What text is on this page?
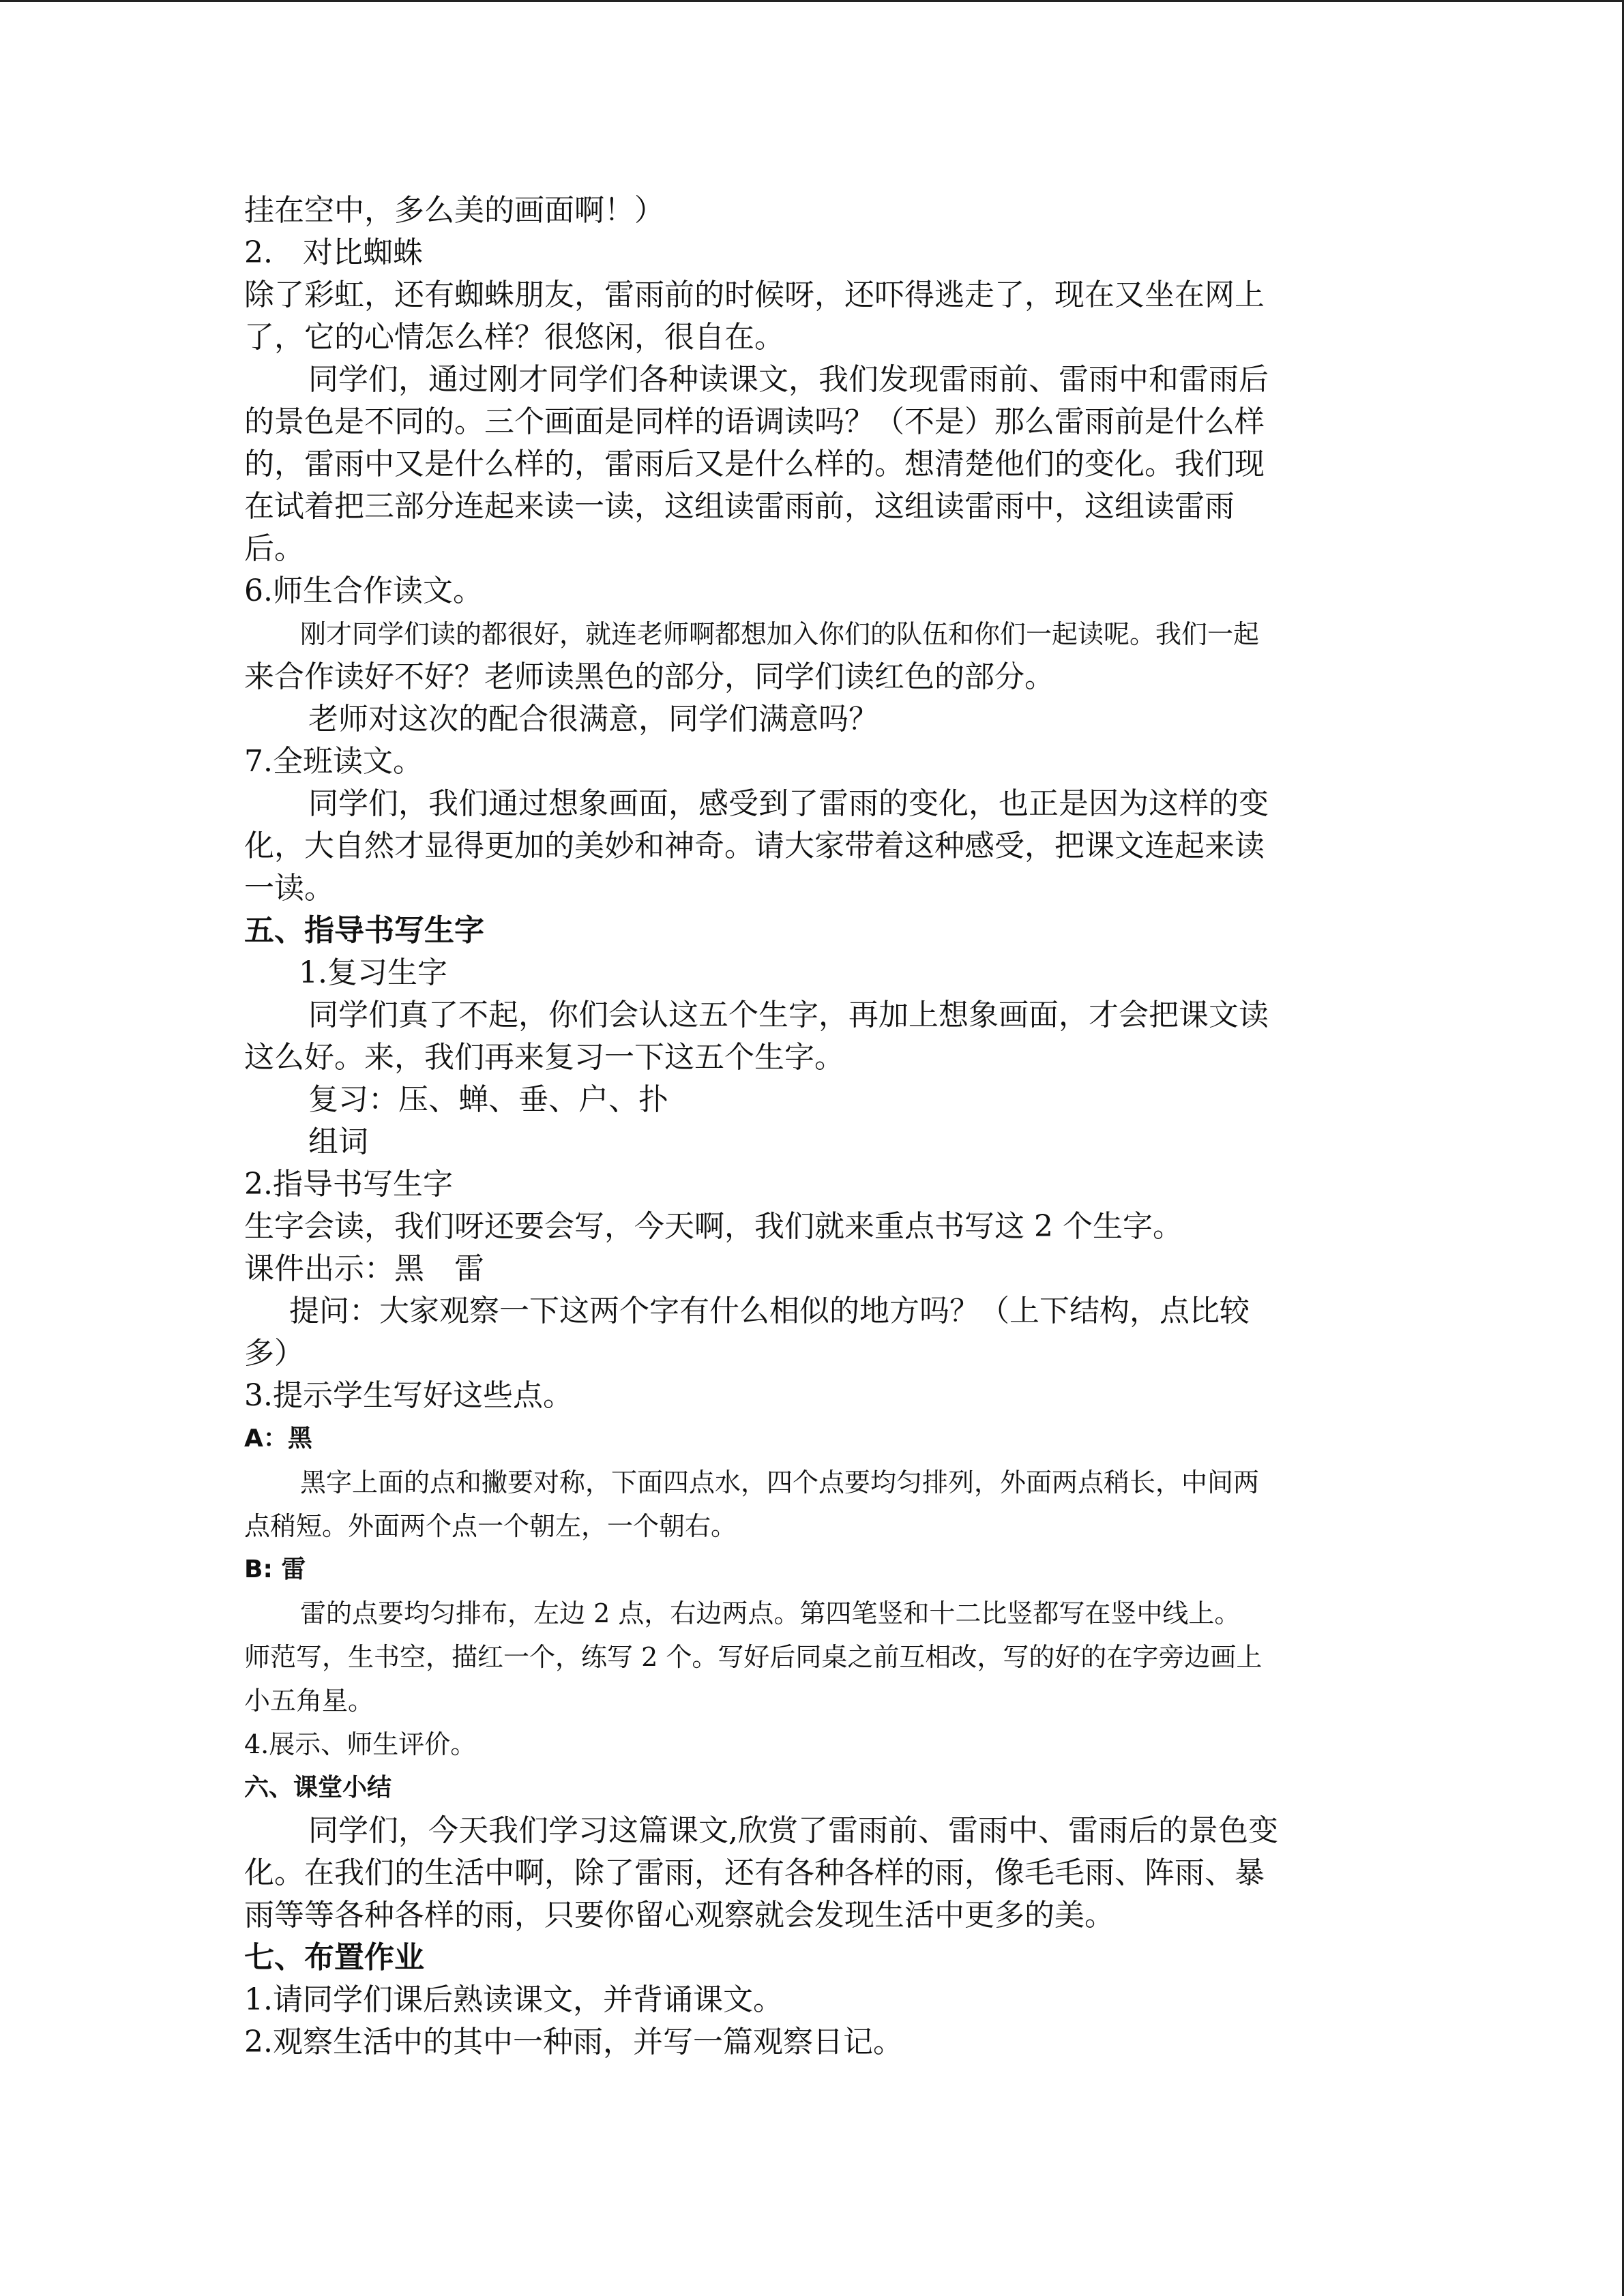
挂在空中，多么美的画面啊！）
2.　对比蜘蛛
除了彩虹，还有蜘蛛朋友，雷雨前的时候呀，还吓得逃走了，现在又坐在网上
了，它的心情怎么样？很悠闲，很自在。
同学们，通过刚才同学们各种读课文，我们发现雷雨前、雷雨中和雷雨后
的景色是不同的。三个画面是同样的语调读吗？（不是）那么雷雨前是什么样
的，雷雨中又是什么样的，雷雨后又是什么样的。想清楚他们的变化。我们现
在试着把三部分连起来读一读，这组读雷雨前，这组读雷雨中，这组读雷雨
后。
6.师生合作读文。
刚才同学们读的都很好，就连老师啊都想加入你们的队伍和你们一起读呢。我们一起
来合作读好不好？老师读黑色的部分，同学们读红色的部分。
老师对这次的配合很满意，同学们满意吗？
7.全班读文。
同学们，我们通过想象画面，感受到了雷雨的变化，也正是因为这样的变
化，大自然才显得更加的美妙和神奇。请大家带着这种感受，把课文连起来读
一读。
五、指导书写生字
1.复习生字
同学们真了不起，你们会认这五个生字，再加上想象画面，才会把课文读
这么好。来，我们再来复习一下这五个生字。
复习：压、蝉、垂、户、扑
组词
2.指导书写生字
生字会读，我们呀还要会写，今天啊，我们就来重点书写这 2 个生字。
课件出示：黑　雷
提问：大家观察一下这两个字有什么相似的地方吗？（上下结构，点比较
多）
3.提示学生写好这些点。
A：黑
黑字上面的点和撇要对称，下面四点水，四个点要均匀排列，外面两点稍长，中间两
点稍短。外面两个点一个朝左，一个朝右。
B: 雷
雷的点要均匀排布，左边 2 点，右边两点。第四笔竖和十二比竖都写在竖中线上。
师范写，生书空，描红一个，练写 2 个。写好后同桌之前互相改，写的好的在字旁边画上
小五角星。
4.展示、师生评价。
六、课堂小结
同学们，今天我们学习这篇课文,欣赏了雷雨前、雷雨中、雷雨后的景色变
化。在我们的生活中啊，除了雷雨，还有各种各样的雨，像毛毛雨、阵雨、暴
雨等等各种各样的雨，只要你留心观察就会发现生活中更多的美。
七、布置作业
1.请同学们课后熟读课文，并背诵课文。
2.观察生活中的其中一种雨，并写一篇观察日记。
